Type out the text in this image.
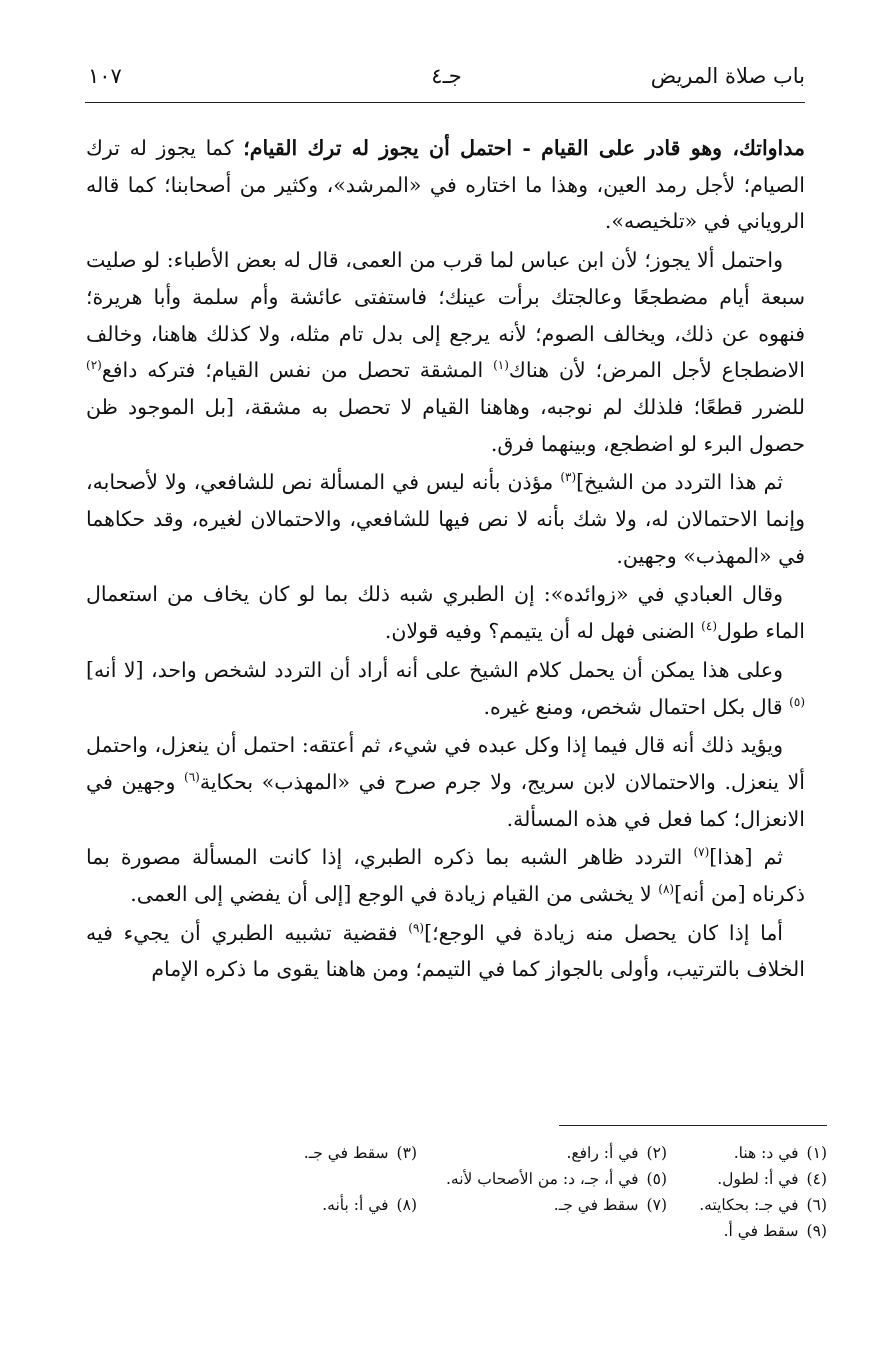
باب صلاة المريض
جـ٤
١٠٧

مداواتك، وهو قادر على القيام - احتمل أن يجوز له ترك القيام؛ كما يجوز له ترك الصيام؛ لأجل رمد العين، وهذا ما اختاره في «المرشد»، وكثير من أصحابنا؛ كما قاله الروياني في «تلخيصه».

واحتمل ألا يجوز؛ لأن ابن عباس لما قرب من العمى، قال له بعض الأطباء: لو صليت سبعة أيام مضطجعًا وعالجتك برأت عينك؛ فاستفتى عائشة وأم سلمة وأبا هريرة؛ فنهوه عن ذلك، ويخالف الصوم؛ لأنه يرجع إلى بدل تام مثله، ولا كذلك هاهنا، وخالف الاضطجاع لأجل المرض؛ لأن هناك$^{(١)}$ المشقة تحصل من نفس القيام؛ فتركه دافع$^{(٢)}$ للضرر قطعًا؛ فلذلك لم نوجبه، وهاهنا القيام لا تحصل به مشقة، [بل الموجود ظن حصول البرء لو اضطجع، وبينهما فرق.

ثم هذا التردد من الشيخ]$^{(٣)}$ مؤذن بأنه ليس في المسألة نص للشافعي، ولا لأصحابه، وإنما الاحتمالان له، ولا شك بأنه لا نص فيها للشافعي، والاحتمالان لغيره، وقد حكاهما في «المهذب» وجهين.

وقال العبادي في «زوائده»: إن الطبري شبه ذلك بما لو كان يخاف من استعمال الماء طول$^{(٤)}$ الضنى فهل له أن يتيمم؟ وفيه قولان.

وعلى هذا يمكن أن يحمل كلام الشيخ على أنه أراد أن التردد لشخص واحد، [لا أنه]$^{(٥)}$ قال بكل احتمال شخص، ومنع غيره.

ويؤيد ذلك أنه قال فيما إذا وكل عبده في شيء، ثم أعتقه: احتمل أن ينعزل، واحتمل ألا ينعزل. والاحتمالان لابن سريج، ولا جرم صرح في «المهذب» بحكاية$^{(٦)}$ وجهين في الانعزال؛ كما فعل في هذه المسألة.

ثم [هذا]$^{(٧)}$ التردد ظاهر الشبه بما ذكره الطبري، إذا كانت المسألة مصورة بما ذكرناه [من أنه]$^{(٨)}$ لا يخشى من القيام زيادة في الوجع [إلى أن يفضي إلى العمى.

أما إذا كان يحصل منه زيادة في الوجع؛]$^{(٩)}$ فقضية تشبيه الطبري أن يجيء فيه الخلاف بالترتيب، وأولى بالجواز كما في التيمم؛ ومن هاهنا يقوى ما ذكره الإمام

(١)في د: هنا.
(٢)في أ: رافع.
(٣)سقط في جـ.
(٤)في أ: لطول.
(٥)في أ، جـ، د: من الأصحاب لأنه.
(٦)في جـ: بحكايته.
(٧)سقط في جـ.
(٨)في أ: بأنه.
(٩)سقط في أ.
